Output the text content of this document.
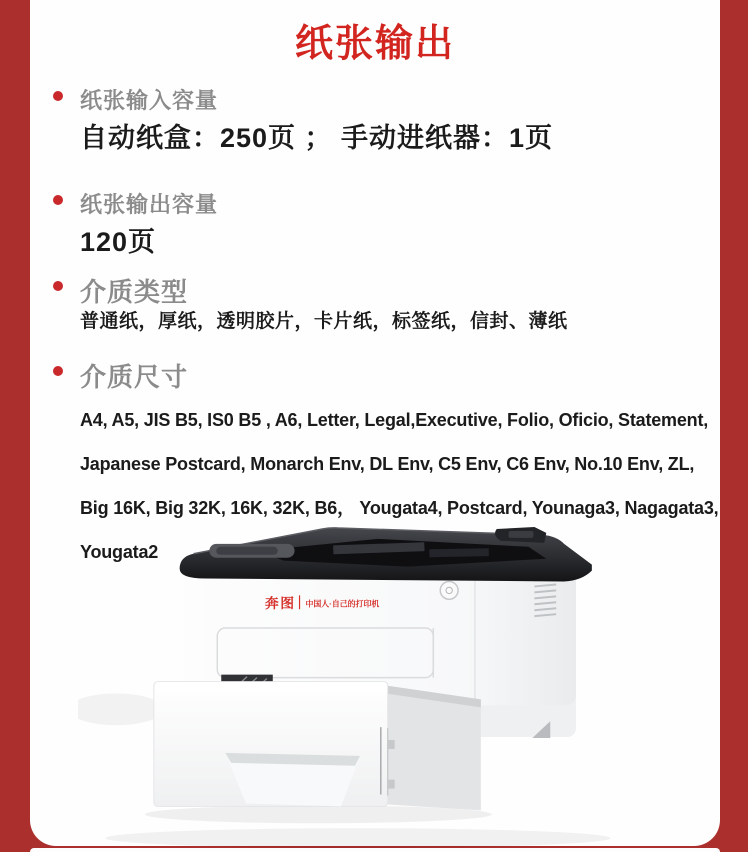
纸张输出
纸张输入容量
自动纸盒：250页 ； 手动进纸器：1页
纸张输出容量
120页
介质类型
普通纸，厚纸，透明胶片，卡片纸，标签纸，信封、薄纸
介质尺寸
A4, A5, JIS B5, IS0 B5 , A6, Letter, Legal,Executive, Folio, Oficio, Statement,
Japanese Postcard, Monarch Env, DL Env, C5 Env, C6 Env, No.10 Env, ZL,
Big 16K, Big 32K, 16K, 32K, B6， Yougata4, Postcard, Younaga3, Nagagata3,
Yougata2
奔图 中国人·自己的打印机
